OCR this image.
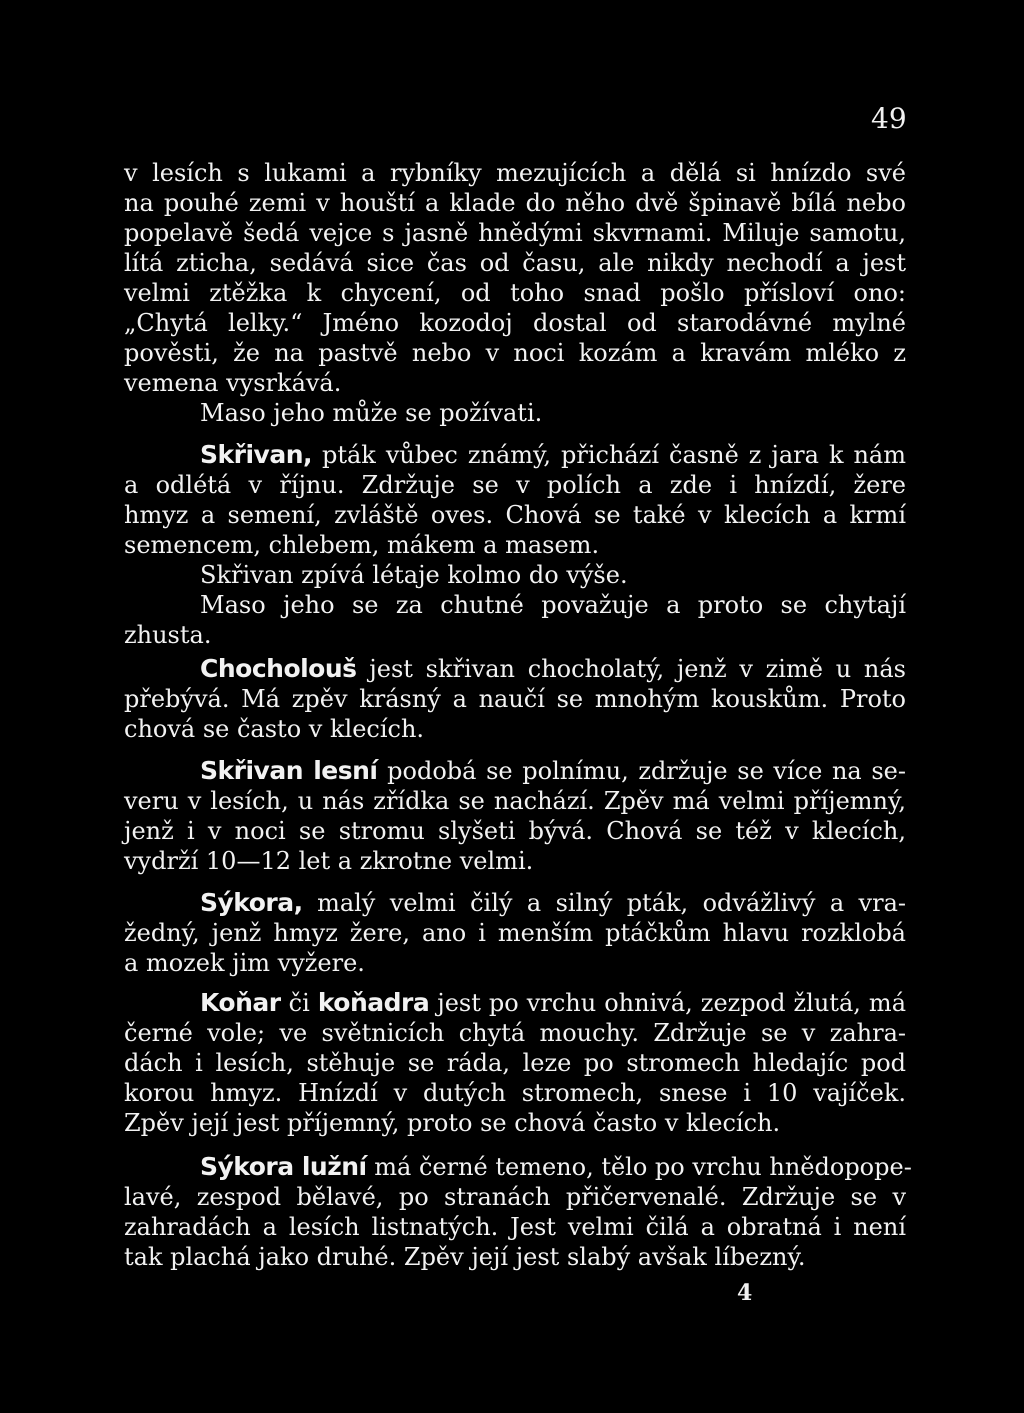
49
v lesích s lukami a rybníky mezujících a dělá si hnízdo své
na pouhé zemi v houští a klade do něho dvě špinavě bílá nebo
popelavě šedá vejce s jasně hnědými skvrnami. Miluje samotu,
lítá zticha, sedává sice čas od času, ale nikdy nechodí a jest
velmi ztěžka k chycení, od toho snad pošlo přísloví ono:
„Chytá lelky.“ Jméno kozodoj dostal od starodávné mylné
pověsti, že na pastvě nebo v noci kozám a kravám mléko z
vemena vysrkává.
Maso jeho může se požívati.
Skřivan, pták vůbec známý, přichází časně z jara k nám
a odlétá v říjnu. Zdržuje se v polích a zde i hnízdí, žere
hmyz a semení, zvláště oves. Chová se také v klecích a krmí
semencem, chlebem, mákem a masem.
Skřivan zpívá létaje kolmo do výše.
Maso jeho se za chutné považuje a proto se chytají
zhusta.
Chocholouš jest skřivan chocholatý, jenž v zimě u nás
přebývá. Má zpěv krásný a naučí se mnohým kouskům. Proto
chová se často v klecích.
Skřivan lesní podobá se polnímu, zdržuje se více na se-
veru v lesích, u nás zřídka se nachází. Zpěv má velmi příjemný,
jenž i v noci se stromu slyšeti bývá. Chová se též v klecích,
vydrží 10—12 let a zkrotne velmi.
Sýkora, malý velmi čilý a silný pták, odvážlivý a vra-
žedný, jenž hmyz žere, ano i menším ptáčkům hlavu rozklobá
a mozek jim vyžere.
Koňar či koňadra jest po vrchu ohnivá, zezpod žlutá, má
černé vole; ve světnicích chytá mouchy. Zdržuje se v zahra-
dách i lesích, stěhuje se ráda, leze po stromech hledajíc pod
korou hmyz. Hnízdí v dutých stromech, snese i 10 vajíček.
Zpěv její jest příjemný, proto se chová často v klecích.
Sýkora lužní má černé temeno, tělo po vrchu hnědopope-
lavé, zespod bělavé, po stranách přičervenalé. Zdržuje se v
zahradách a lesích listnatých. Jest velmi čilá a obratná i není
tak plachá jako druhé. Zpěv její jest slabý avšak líbezný.
4
